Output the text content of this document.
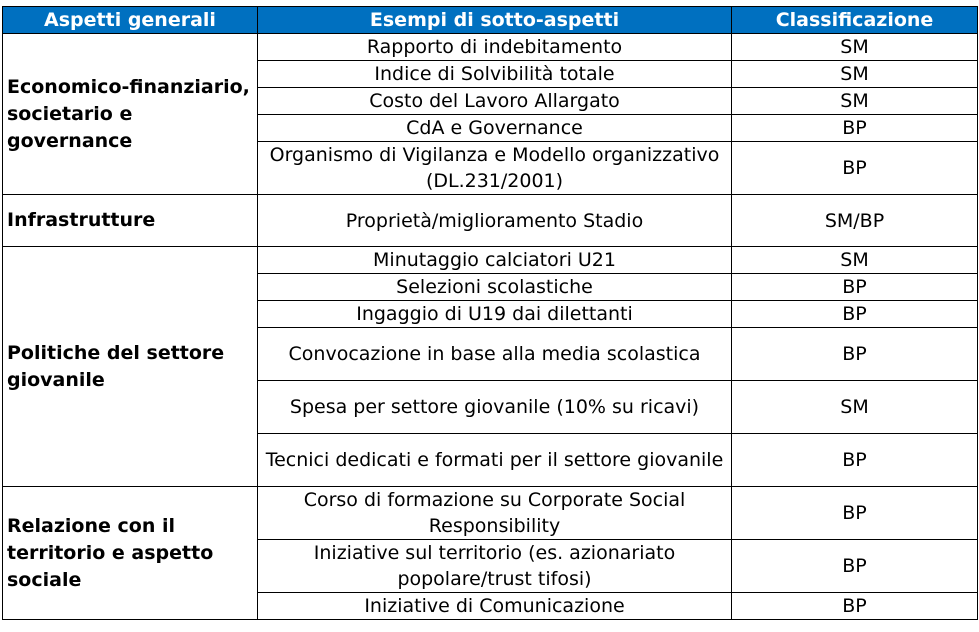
Aspetti generali	Esempi di sotto-aspetti	Classificazione
Economico-finanziario, societario e governance	Rapporto di indebitamento	SM
	Indice di Solvibilità totale	SM
	Costo del Lavoro Allargato	SM
	CdA e Governance	BP
	Organismo di Vigilanza e Modello organizzativo (DL.231/2001)	BP
Infrastrutture	Proprietà/miglioramento Stadio	SM/BP
Politiche del settore giovanile	Minutaggio calciatori U21	SM
	Selezioni scolastiche	BP
	Ingaggio di U19 dai dilettanti	BP
	Convocazione in base alla media scolastica	BP
	Spesa per settore giovanile (10% su ricavi)	SM
	Tecnici dedicati e formati per il settore giovanile	BP
Relazione con il territorio e aspetto sociale	Corso di formazione su Corporate Social Responsibility	BP
	Iniziative sul territorio (es. azionariato popolare/trust tifosi)	BP
	Iniziative di Comunicazione	BP
